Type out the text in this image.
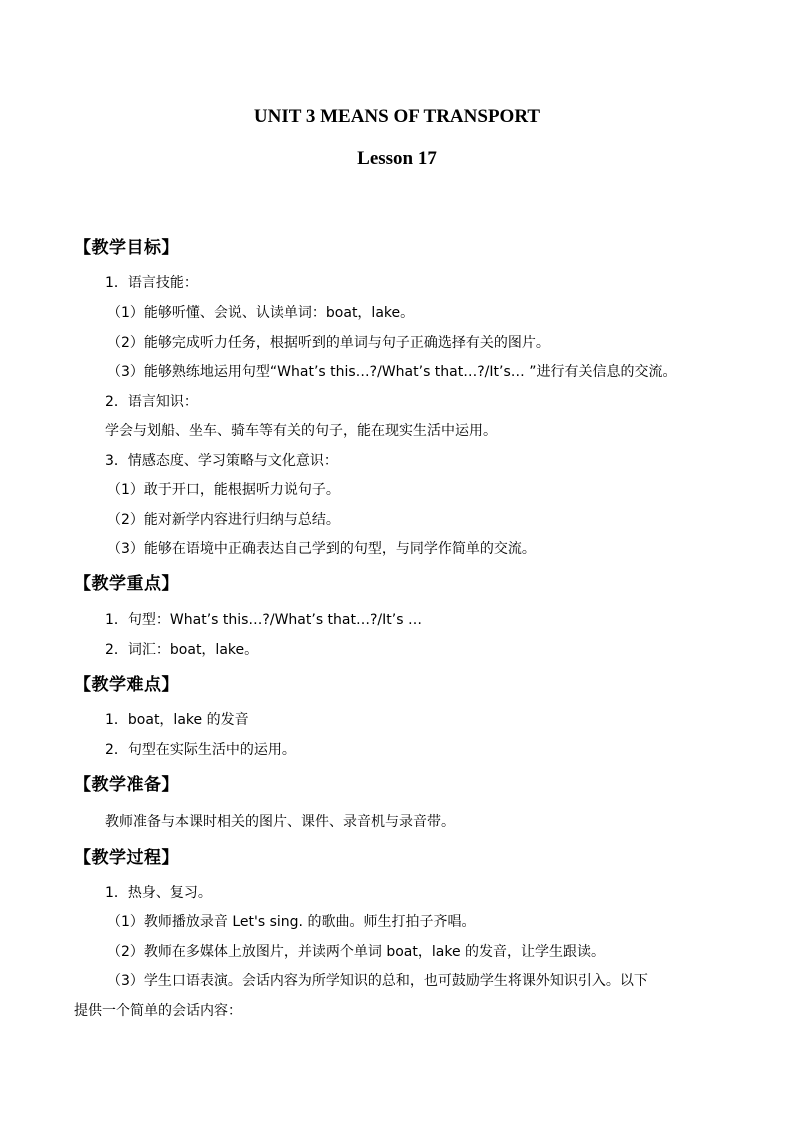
UNIT 3 MEANS OF TRANSPORT
Lesson 17
【教学目标】
1．语言技能：
（1）能够听懂、会说、认读单词：boat，lake。
（2）能够完成听力任务，根据听到的单词与句子正确选择有关的图片。
（3）能够熟练地运用句型“What’s this…?/What’s that…?/It’s… ”进行有关信息的交流。
2．语言知识：
学会与划船、坐车、骑车等有关的句子，能在现实生活中运用。
3．情感态度、学习策略与文化意识：
（1）敢于开口，能根据听力说句子。
（2）能对新学内容进行归纳与总结。
（3）能够在语境中正确表达自己学到的句型，与同学作简单的交流。
【教学重点】
1．句型：What’s this…?/What’s that…?/It’s …
2．词汇：boat，lake。
【教学难点】
1．boat，lake 的发音
2．句型在实际生活中的运用。
【教学准备】
教师准备与本课时相关的图片、课件、录音机与录音带。
【教学过程】
1．热身、复习。
（1）教师播放录音 Let's sing. 的歌曲。师生打拍子齐唱。
（2）教师在多媒体上放图片，并读两个单词 boat，lake 的发音，让学生跟读。
（3）学生口语表演。会话内容为所学知识的总和，也可鼓励学生将课外知识引入。以下
提供一个简单的会话内容：
